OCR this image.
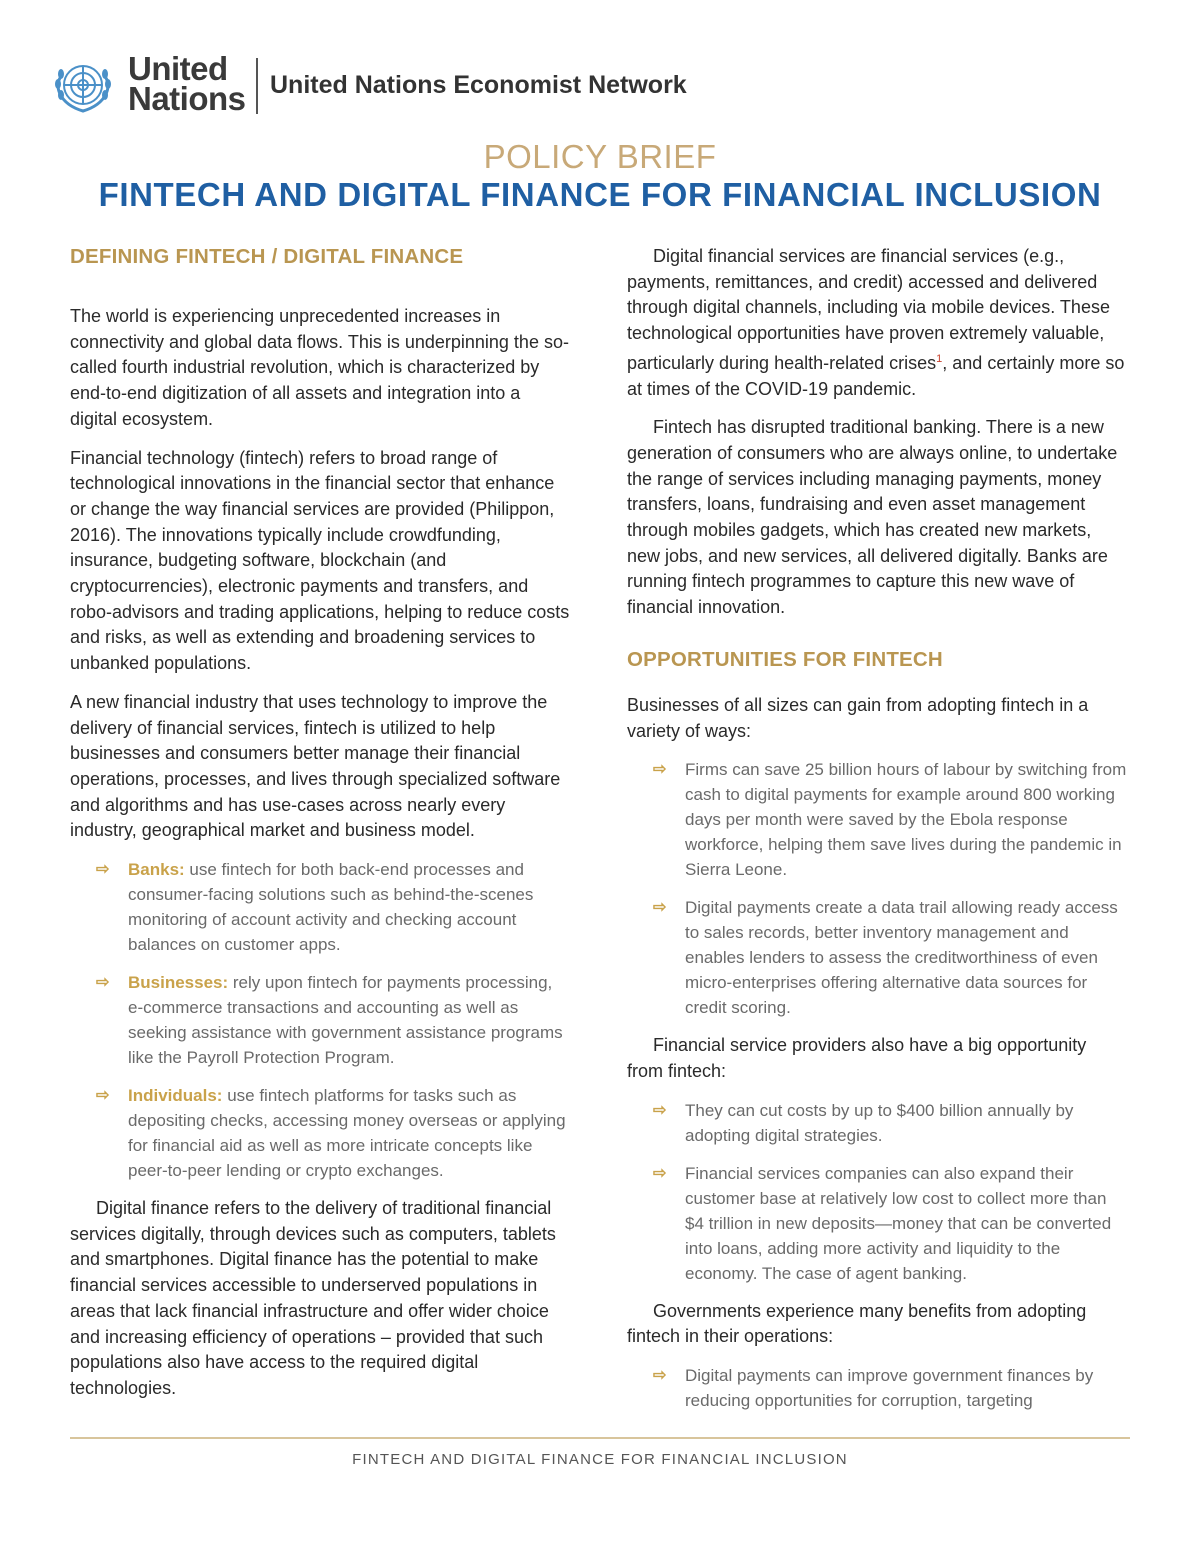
United
Nations United Nations Economist Network
POLICY BRIEF
FINTECH AND DIGITAL FINANCE FOR FINANCIAL INCLUSION
DEFINING FINTECH / DIGITAL FINANCE

The world is experiencing unprecedented increases in connectivity and global data flows. This is underpinning the so-called fourth industrial revolution, which is characterized by end-to-end digitization of all assets and integration into a digital ecosystem.

Financial technology (fintech) refers to broad range of technological innovations in the financial sector that enhance or change the way financial services are provided (Philippon, 2016). The innovations typically include crowdfunding, insurance, budgeting software, blockchain (and cryptocurrencies), electronic payments and transfers, and robo-advisors and trading applications, helping to reduce costs and risks, as well as extending and broadening services to unbanked populations.

A new financial industry that uses technology to improve the delivery of financial services, fintech is utilized to help businesses and consumers better manage their financial operations, processes, and lives through specialized software and algorithms and has use-cases across nearly every industry, geographical market and business model.

⇨ Banks: use fintech for both back-end processes and consumer-facing solutions such as behind-the-scenes monitoring of account activity and checking account balances on customer apps.
⇨ Businesses: rely upon fintech for payments processing, e-commerce transactions and accounting as well as seeking assistance with government assistance programs like the Payroll Protection Program.
⇨ Individuals: use fintech platforms for tasks such as depositing checks, accessing money overseas or applying for financial aid as well as more intricate concepts like peer-to-peer lending or crypto exchanges.

Digital finance refers to the delivery of traditional financial services digitally, through devices such as computers, tablets and smartphones. Digital finance has the potential to make financial services accessible to underserved populations in areas that lack financial infrastructure and offer wider choice and increasing efficiency of operations – provided that such populations also have access to the required digital technologies.

Digital financial services are financial services (e.g., payments, remittances, and credit) accessed and delivered through digital channels, including via mobile devices. These technological opportunities have proven extremely valuable, particularly during health-related crises$^1$, and certainly more so at times of the COVID-19 pandemic.

Fintech has disrupted traditional banking. There is a new generation of consumers who are always online, to undertake the range of services including managing payments, money transfers, loans, fundraising and even asset management through mobiles gadgets, which has created new markets, new jobs, and new services, all delivered digitally. Banks are running fintech programmes to capture this new wave of financial innovation.

OPPORTUNITIES FOR FINTECH

Businesses of all sizes can gain from adopting fintech in a variety of ways:

⇨ Firms can save 25 billion hours of labour by switching from cash to digital payments for example around 800 working days per month were saved by the Ebola response workforce, helping them save lives during the pandemic in Sierra Leone.
⇨ Digital payments create a data trail allowing ready access to sales records, better inventory management and enables lenders to assess the creditworthiness of even micro-enterprises offering alternative data sources for credit scoring.

Financial service providers also have a big opportunity from fintech:

⇨ They can cut costs by up to $400 billion annually by adopting digital strategies.
⇨ Financial services companies can also expand their customer base at relatively low cost to collect more than $4 trillion in new deposits—money that can be converted into loans, adding more activity and liquidity to the economy. The case of agent banking.

Governments experience many benefits from adopting fintech in their operations:

⇨ Digital payments can improve government finances by reducing opportunities for corruption, targeting
FINTECH AND DIGITAL FINANCE FOR FINANCIAL INCLUSION
